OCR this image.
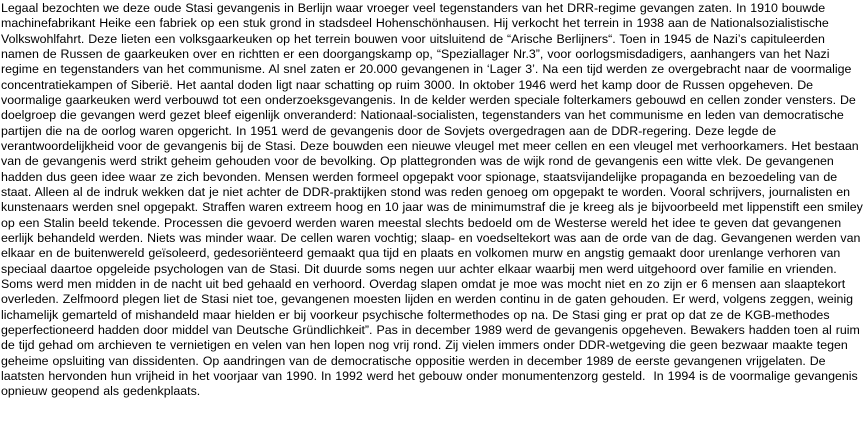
Legaal bezochten we deze oude Stasi gevangenis in Berlijn waar vroeger veel tegenstanders van het DRR-regime gevangen zaten. In 1910 bouwde machinefabrikant Heike een fabriek op een stuk grond in stadsdeel Hohenschönhausen. Hij verkocht het terrein in 1938 aan de Nationalsozialistische Volkswohlfahrt. Deze lieten een volksgaarkeuken op het terrein bouwen voor uitsluitend de “Arische Berlijners“. Toen in 1945 de Nazi’s capituleerden namen de Russen de gaarkeuken over en richtten er een doorgangskamp op, “Speziallager Nr.3”, voor oorlogsmisdadigers, aanhangers van het Nazi regime en tegenstanders van het communisme. Al snel zaten er 20.000 gevangenen in ‘Lager 3’. Na een tijd werden ze overgebracht naar de voormalige concentratiekampen of Siberië. Het aantal doden ligt naar schatting op ruim 3000. In oktober 1946 werd het kamp door de Russen opgeheven. De voormalige gaarkeuken werd verbouwd tot een onderzoeksgevangenis. In de kelder werden speciale folterkamers gebouwd en cellen zonder vensters. De doelgroep die gevangen werd gezet bleef eigenlijk onveranderd: Nationaal-socialisten, tegenstanders van het communisme en leden van democratische partijen die na de oorlog waren opgericht. In 1951 werd de gevangenis door de Sovjets overgedragen aan de DDR-regering. Deze legde de verantwoordelijkheid voor de gevangenis bij de Stasi. Deze bouwden een nieuwe vleugel met meer cellen en een vleugel met verhoorkamers. Het bestaan van de gevangenis werd strikt geheim gehouden voor de bevolking. Op plattegronden was de wijk rond de gevangenis een witte vlek. De gevangenen hadden dus geen idee waar ze zich bevonden. Mensen werden formeel opgepakt voor spionage, staatsvijandelijke propaganda en bezoedeling van de staat. Alleen al de indruk wekken dat je niet achter de DDR-praktijken stond was reden genoeg om opgepakt te worden. Vooral schrijvers, journalisten en kunstenaars werden snel opgepakt. Straffen waren extreem hoog en 10 jaar was de minimumstraf die je kreeg als je bijvoorbeeld met lippenstift een smiley op een Stalin beeld tekende. Processen die gevoerd werden waren meestal slechts bedoeld om de Westerse wereld het idee te geven dat gevangenen eerlijk behandeld werden. Niets was minder waar. De cellen waren vochtig; slaap- en voedseltekort was aan de orde van de dag. Gevangenen werden van elkaar en de buitenwereld geïsoleerd, gedesoriënteerd gemaakt qua tijd en plaats en volkomen murw en angstig gemaakt door urenlange verhoren van speciaal daartoe opgeleide psychologen van de Stasi. Dit duurde soms negen uur achter elkaar waarbij men werd uitgehoord over familie en vrienden. Soms werd men midden in de nacht uit bed gehaald en verhoord. Overdag slapen omdat je moe was mocht niet en zo zijn er 6 mensen aan slaaptekort overleden. Zelfmoord plegen liet de Stasi niet toe, gevangenen moesten lijden en werden continu in de gaten gehouden. Er werd, volgens zeggen, weinig lichamelijk gemarteld of mishandeld maar hielden er bij voorkeur psychische foltermethodes op na. De Stasi ging er prat op dat ze de KGB-methodes geperfectioneerd hadden door middel van Deutsche Gründlichkeit”. Pas in december 1989 werd de gevangenis opgeheven. Bewakers hadden toen al ruim de tijd gehad om archieven te vernietigen en velen van hen lopen nog vrij rond. Zij vielen immers onder DDR-wetgeving die geen bezwaar maakte tegen geheime opsluiting van dissidenten. Op aandringen van de democratische oppositie werden in december 1989 de eerste gevangenen vrijgelaten. De laatsten hervonden hun vrijheid in het voorjaar van 1990. In 1992 werd het gebouw onder monumentenzorg gesteld.  In 1994 is de voormalige gevangenis opnieuw geopend als gedenkplaats.
